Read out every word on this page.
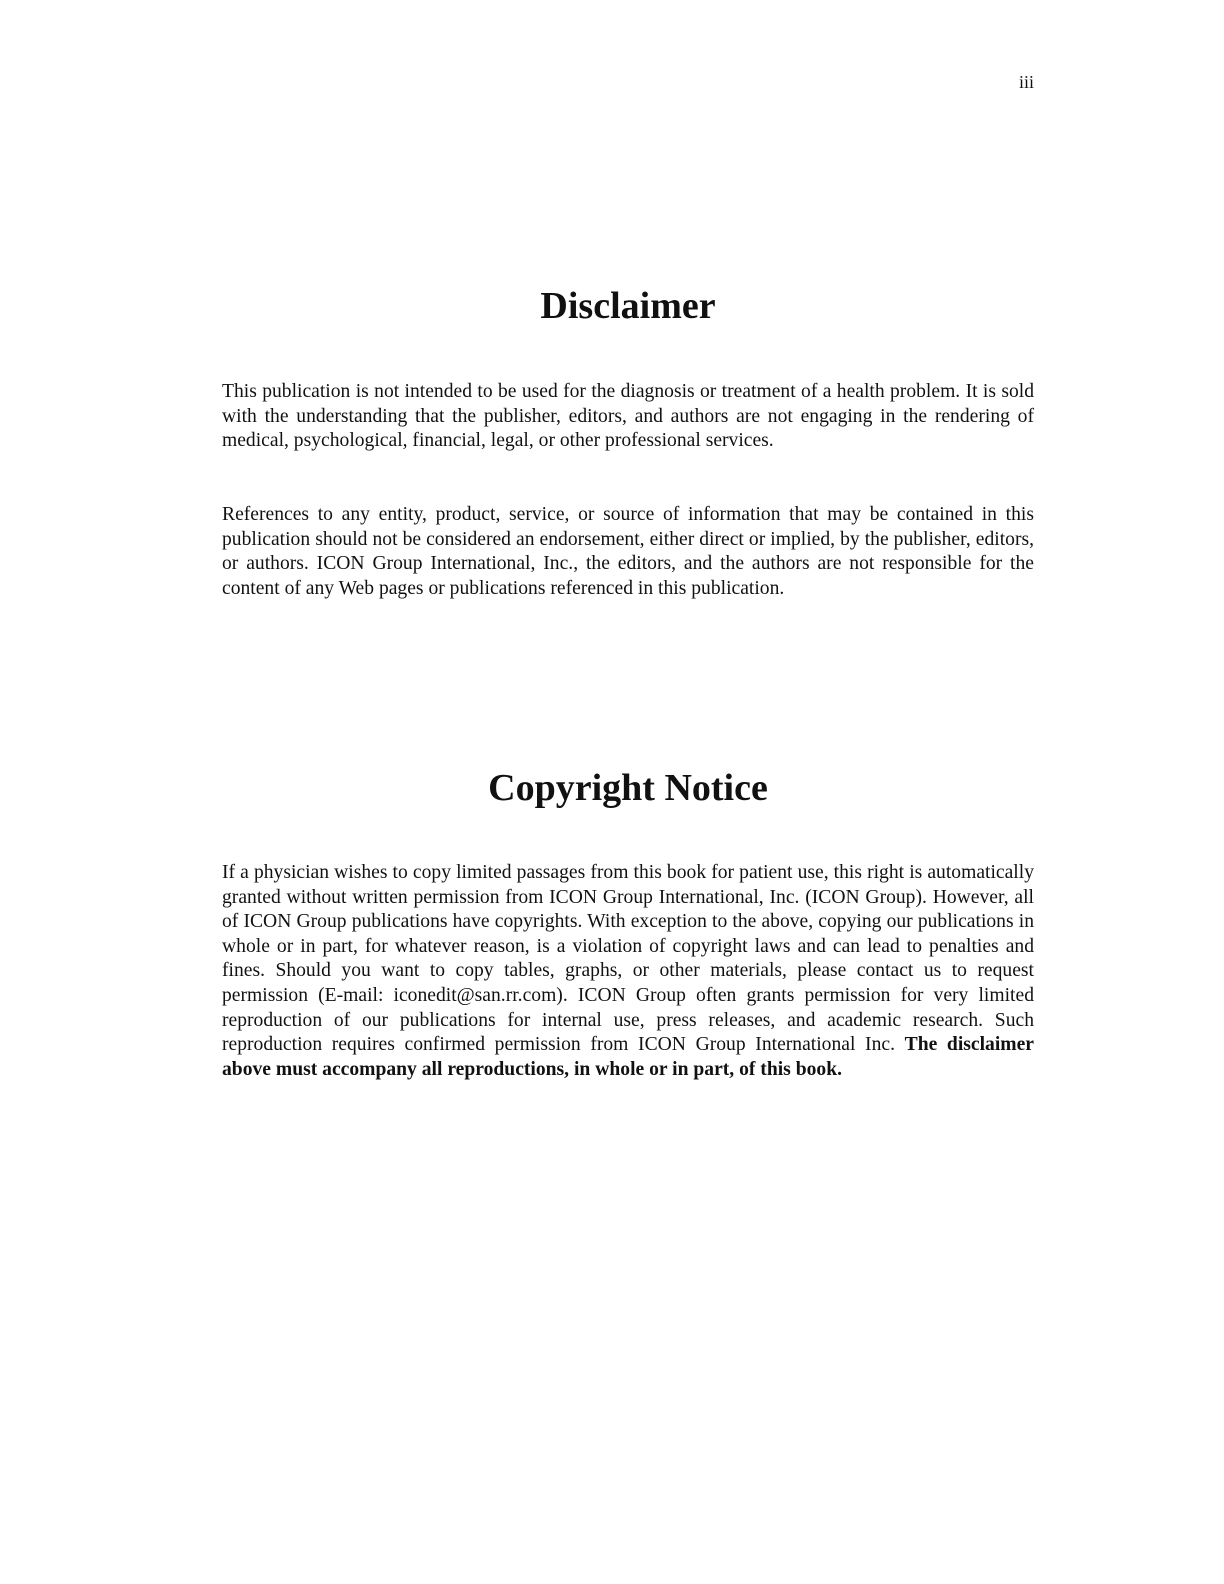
iii
Disclaimer

This publication is not intended to be used for the diagnosis or treatment of a health problem. It is sold with the understanding that the publisher, editors, and authors are not engaging in the rendering of medical, psychological, financial, legal, or other professional services.

References to any entity, product, service, or source of information that may be contained in this publication should not be considered an endorsement, either direct or implied, by the publisher, editors, or authors. ICON Group International, Inc., the editors, and the authors are not responsible for the content of any Web pages or publications referenced in this publication.

Copyright Notice

If a physician wishes to copy limited passages from this book for patient use, this right is automatically granted without written permission from ICON Group International, Inc. (ICON Group). However, all of ICON Group publications have copyrights. With exception to the above, copying our publications in whole or in part, for whatever reason, is a violation of copyright laws and can lead to penalties and fines. Should you want to copy tables, graphs, or other materials, please contact us to request permission (E-mail: iconedit@san.rr.com). ICON Group often grants permission for very limited reproduction of our publications for internal use, press releases, and academic research. Such reproduction requires confirmed permission from ICON Group International Inc. The disclaimer above must accompany all reproductions, in whole or in part, of this book.
